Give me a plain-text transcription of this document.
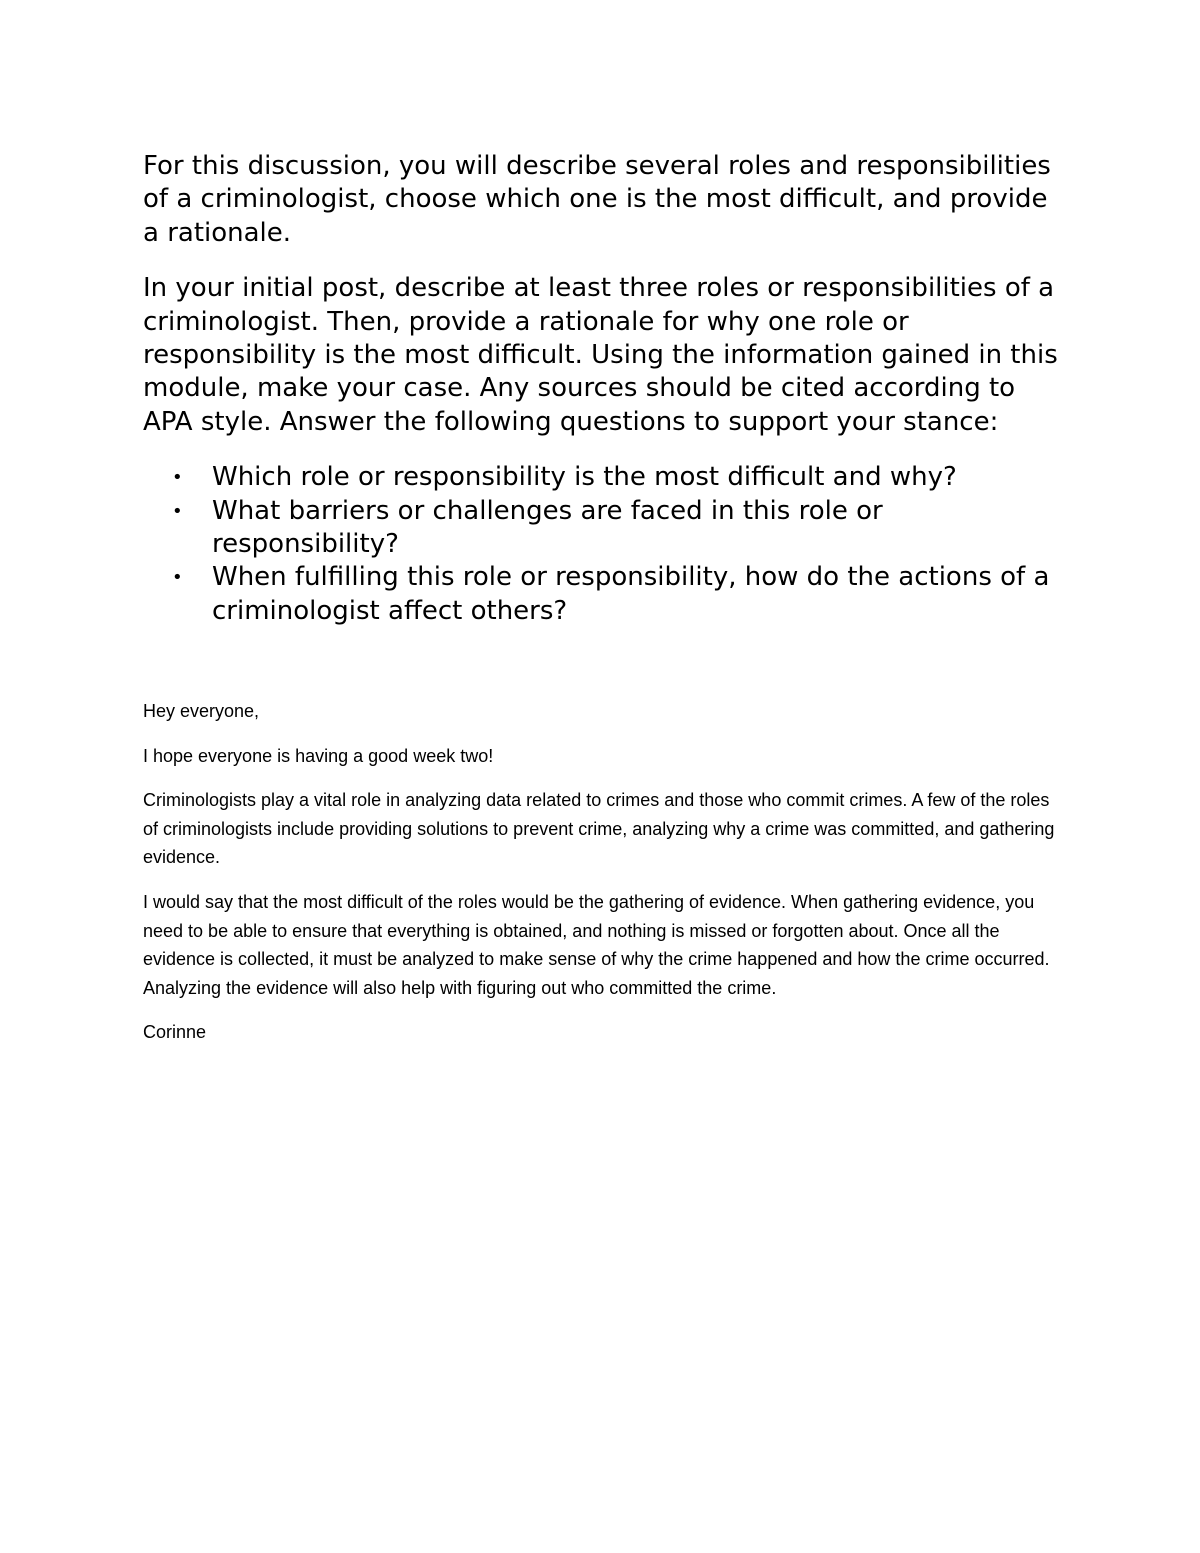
For this discussion, you will describe several roles and responsibilities of a criminologist, choose which one is the most difficult, and provide a rationale.

In your initial post, describe at least three roles or responsibilities of a criminologist. Then, provide a rationale for why one role or responsibility is the most difficult. Using the information gained in this module, make your case. Any sources should be cited according to APA style. Answer the following questions to support your stance:

• Which role or responsibility is the most difficult and why?
• What barriers or challenges are faced in this role or responsibility?
• When fulfilling this role or responsibility, how do the actions of a criminologist affect others?

Hey everyone,

I hope everyone is having a good week two!

Criminologists play a vital role in analyzing data related to crimes and those who commit crimes. A few of the roles of criminologists include providing solutions to prevent crime, analyzing why a crime was committed, and gathering evidence.

I would say that the most difficult of the roles would be the gathering of evidence. When gathering evidence, you need to be able to ensure that everything is obtained, and nothing is missed or forgotten about. Once all the evidence is collected, it must be analyzed to make sense of why the crime happened and how the crime occurred. Analyzing the evidence will also help with figuring out who committed the crime.

Corinne
